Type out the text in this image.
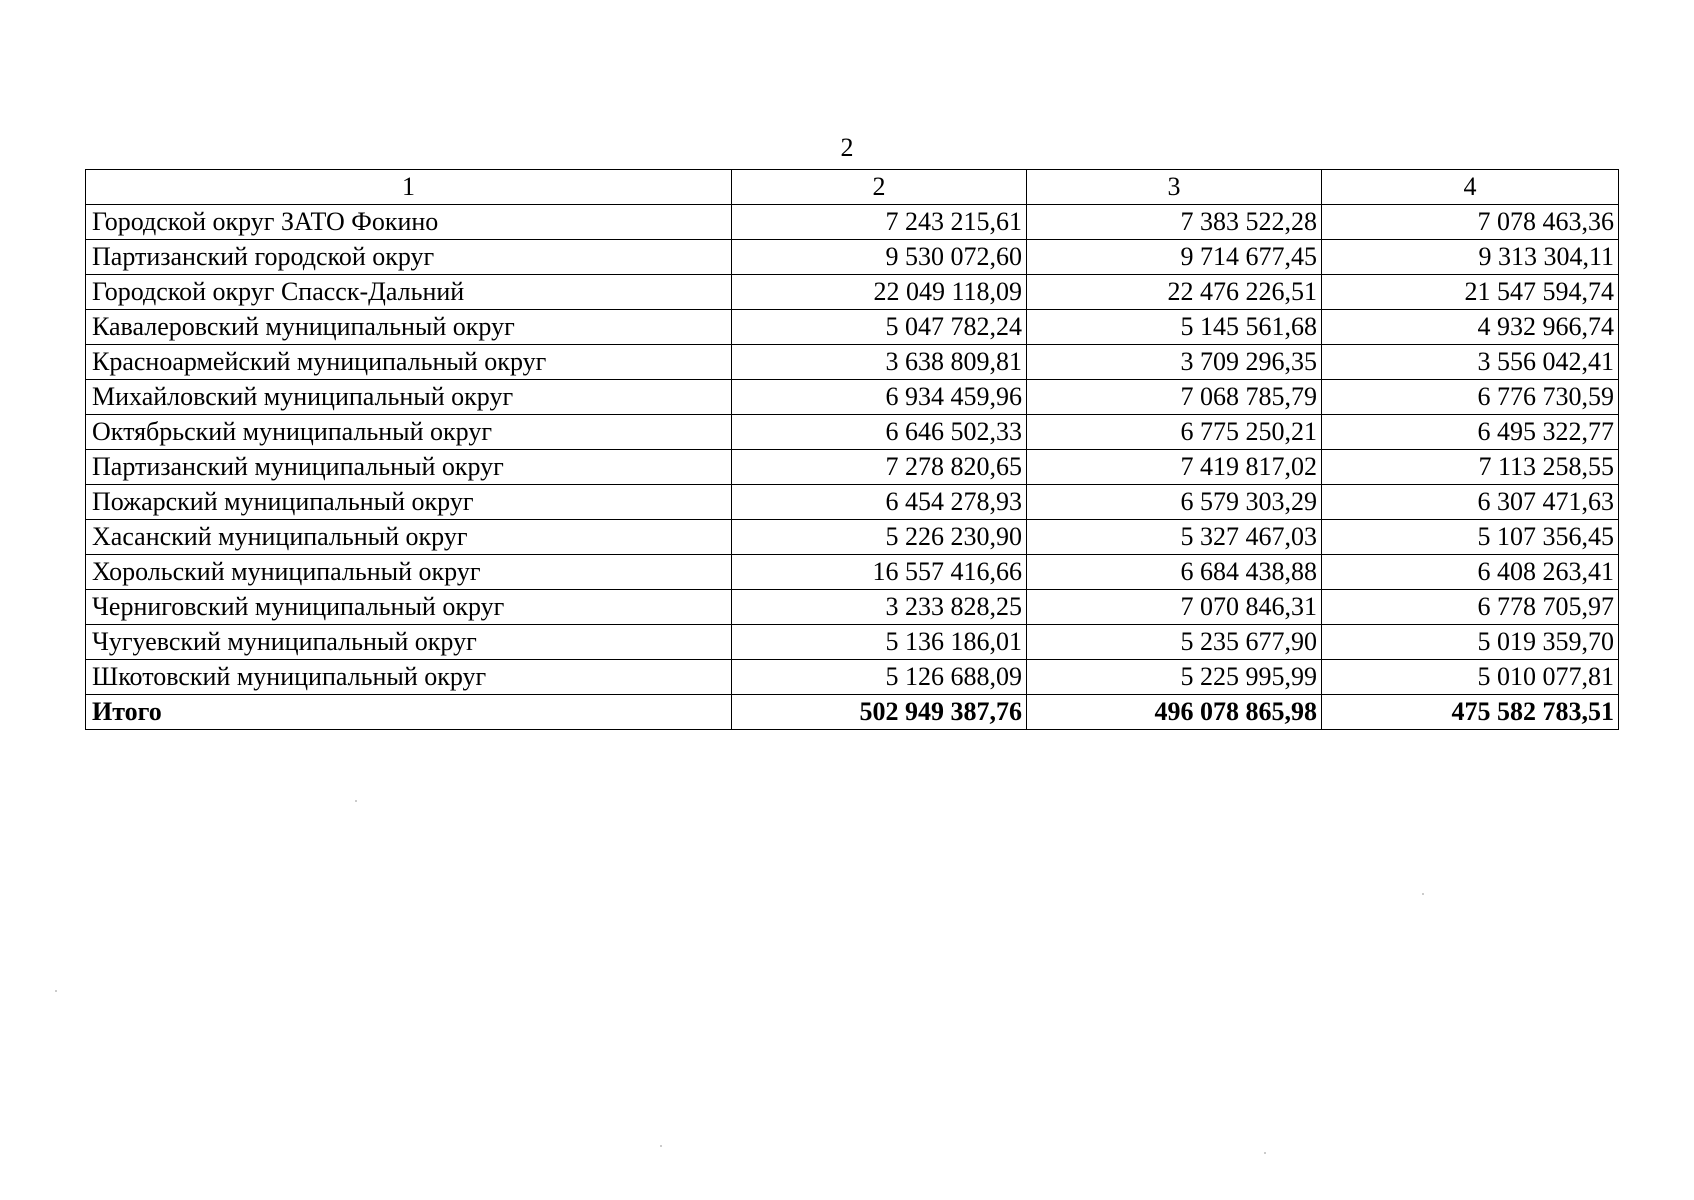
2
1	2	3	4
Городской округ ЗАТО Фокино	7 243 215,61	7 383 522,28	7 078 463,36
Партизанский городской округ	9 530 072,60	9 714 677,45	9 313 304,11
Городской округ Спасск-Дальний	22 049 118,09	22 476 226,51	21 547 594,74
Кавалеровский муниципальный округ	5 047 782,24	5 145 561,68	4 932 966,74
Красноармейский муниципальный округ	3 638 809,81	3 709 296,35	3 556 042,41
Михайловский муниципальный округ	6 934 459,96	7 068 785,79	6 776 730,59
Октябрьский муниципальный округ	6 646 502,33	6 775 250,21	6 495 322,77
Партизанский муниципальный округ	7 278 820,65	7 419 817,02	7 113 258,55
Пожарский муниципальный округ	6 454 278,93	6 579 303,29	6 307 471,63
Хасанский муниципальный округ	5 226 230,90	5 327 467,03	5 107 356,45
Хорольский муниципальный округ	16 557 416,66	6 684 438,88	6 408 263,41
Черниговский муниципальный округ	3 233 828,25	7 070 846,31	6 778 705,97
Чугуевский муниципальный округ	5 136 186,01	5 235 677,90	5 019 359,70
Шкотовский муниципальный округ	5 126 688,09	5 225 995,99	5 010 077,81
Итого	502 949 387,76	496 078 865,98	475 582 783,51
